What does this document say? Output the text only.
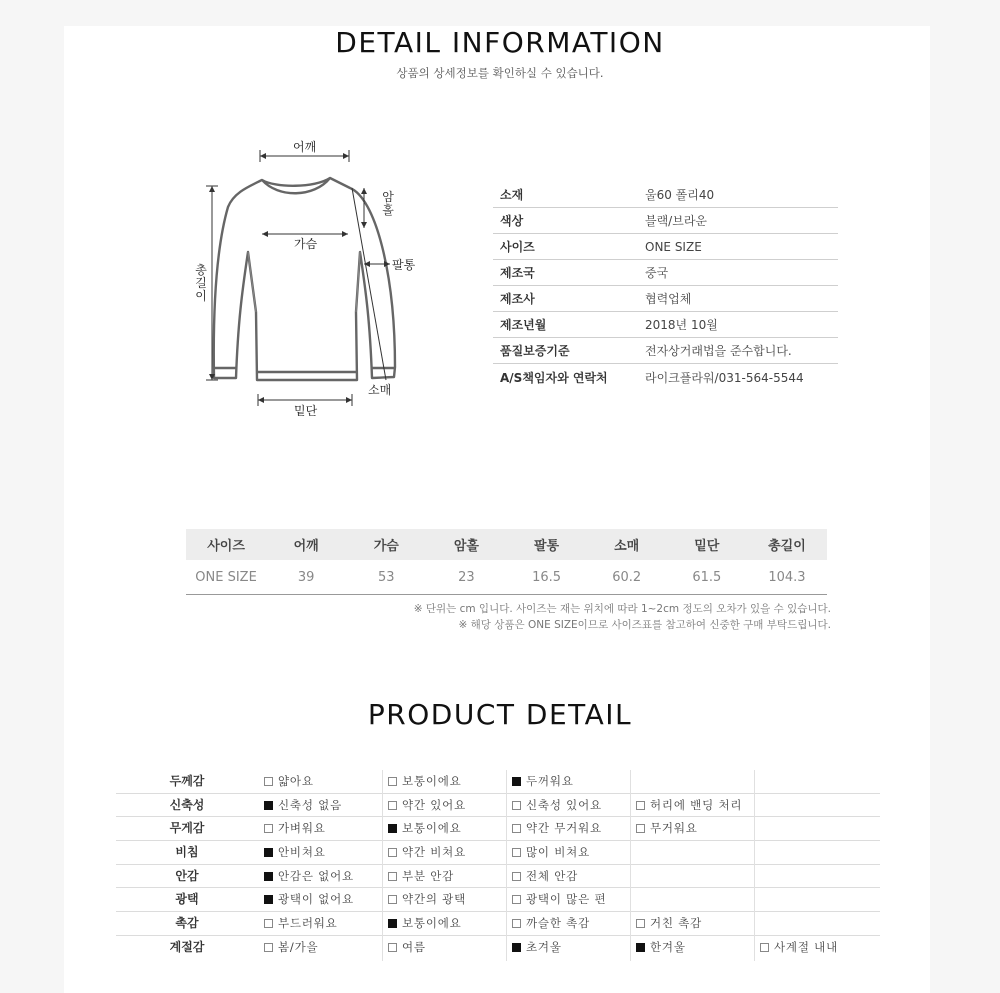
DETAIL INFORMATION
상품의 상세정보를 확인하실 수 있습니다.
어깨
암홀
가슴
팔통
총길이
소매
밑단
소재	울60 폴리40
색상	블랙/브라운
사이즈	ONE SIZE
제조국	중국
제조사	협력업체
제조년월	2018년 10월
품질보증기준	전자상거래법을 준수합니다.
A/S책임자와 연락처	라이크플라워/031-564-5544
사이즈	어깨	가슴	암홀	팔통	소매	밑단	총길이
ONE SIZE	39	53	23	16.5	60.2	61.5	104.3
※ 단위는 cm 입니다. 사이즈는 재는 위치에 따라 1~2cm 정도의 오차가 있을 수 있습니다.
※ 해당 상품은 ONE SIZE이므로 사이즈표를 참고하여 신중한 구매 부탁드립니다.
PRODUCT DETAIL
두께감	얇아요	보통이에요	두꺼워요
신축성	신축성 없음	약간 있어요	신축성 있어요	허리에 밴딩 처리
무게감	가벼워요	보통이에요	약간 무거워요	무거워요
비침	안비쳐요	약간 비쳐요	많이 비쳐요
안감	안감은 없어요	부분 안감	전체 안감
광택	광택이 없어요	약간의 광택	광택이 많은 편
촉감	부드러워요	보통이에요	까슬한 촉감	거친 촉감
계절감	봄/가을	여름	초겨울	한겨울	사계절 내내
